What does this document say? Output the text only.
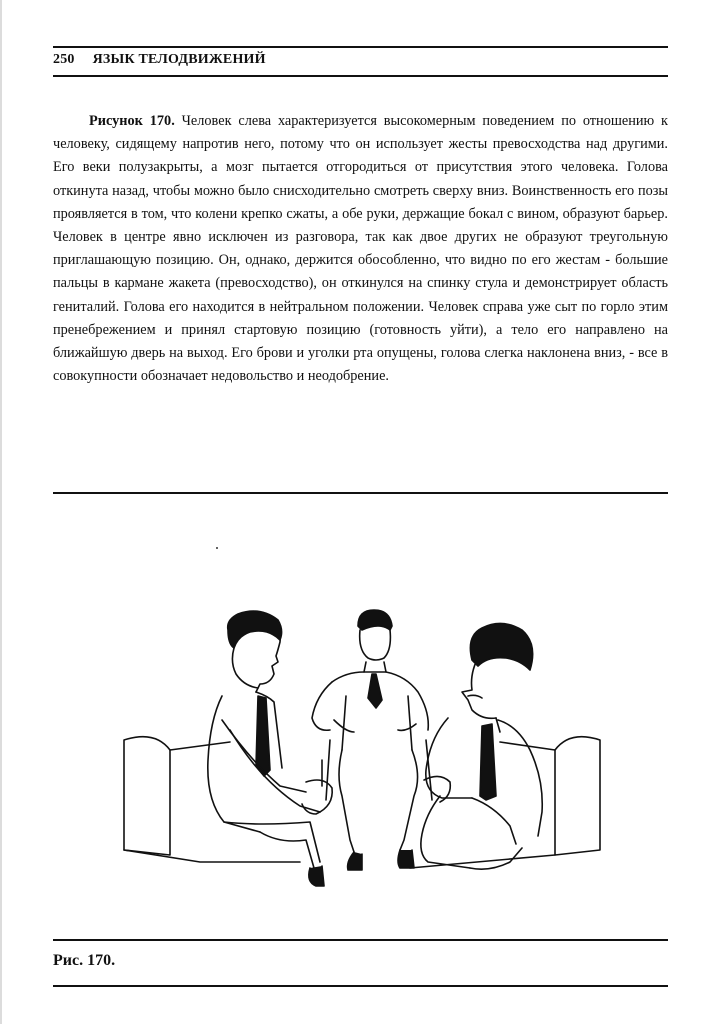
250 ЯЗЫК ТЕЛОДВИЖЕНИЙ
Рисунок 170. Человек слева характеризуется высокомерным поведением по отношению к человеку, сидящему напротив него, потому что он использует жесты превосходства над другими. Его веки полузакрыты, а мозг пытается отгородиться от присутствия этого человека. Голова откинута назад, чтобы можно было снисходительно смотреть сверху вниз. Воинственность его позы проявляется в том, что колени крепко сжаты, а обе руки, держащие бокал с вином, образуют барьер. Человек в центре явно исключен из разговора, так как двое других не образуют треугольную приглашающую позицию. Он, однако, держится обособленно, что видно по его жестам - большие пальцы в кармане жакета (превосходство), он откинулся на спинку стула и демонстрирует область гениталий. Голова его находится в нейтральном положении. Человек справа уже сыт по горло этим пренебрежением и принял стартовую позицию (готовность уйти), а тело его направлено на ближайшую дверь на выход. Его брови и уголки рта опущены, голова слегка наклонена вниз, - все в совокупности обозначает недовольство и неодобрение.
Рис. 170.
